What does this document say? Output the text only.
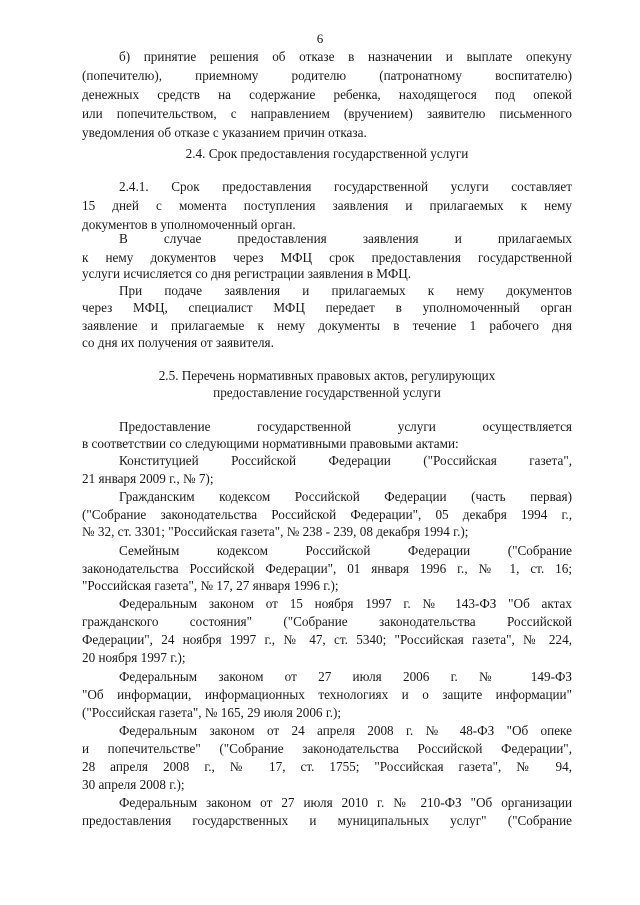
6
б) принятие решения об отказе в назначении и выплате опекуну
(попечителю), приемному родителю (патронатному воспитателю)
денежных средств на содержание ребенка, находящегося под опекой
или попечительством, с направлением (вручением) заявителю письменного
уведомления об отказе с указанием причин отказа.
2.4. Срок предоставления государственной услуги
2.4.1. Срок предоставления государственной услуги составляет
15 дней с момента поступления заявления и прилагаемых к нему
документов в уполномоченный орган.
В случае предоставления заявления и прилагаемых
к нему документов через МФЦ срок предоставления государственной
услуги исчисляется со дня регистрации заявления в МФЦ.
При подаче заявления и прилагаемых к нему документов
через МФЦ, специалист МФЦ передает в уполномоченный орган
заявление и прилагаемые к нему документы в течение 1 рабочего дня
со дня их получения от заявителя.
2.5. Перечень нормативных правовых актов, регулирующих
предоставление государственной услуги
Предоставление государственной услуги осуществляется
в соответствии со следующими нормативными правовыми актами:
Конституцией Российской Федерации ("Российская газета",
21 января 2009 г., № 7);
Гражданским кодексом Российской Федерации (часть первая)
("Собрание законодательства Российской Федерации", 05 декабря 1994 г.,
№ 32, ст. 3301; "Российская газета", № 238 - 239, 08 декабря 1994 г.);
Семейным кодексом Российской Федерации ("Собрание
законодательства Российской Федерации", 01 января 1996 г., № 1, ст. 16;
"Российская газета", № 17, 27 января 1996 г.);
Федеральным законом от 15 ноября 1997 г. № 143-ФЗ "Об актах
гражданского состояния" ("Собрание законодательства Российской
Федерации", 24 ноября 1997 г., № 47, ст. 5340; "Российская газета", № 224,
20 ноября 1997 г.);
Федеральным законом от 27 июля 2006 г. № 149-ФЗ
"Об информации, информационных технологиях и о защите информации"
("Российская газета", № 165, 29 июля 2006 г.);
Федеральным законом от 24 апреля 2008 г. № 48-ФЗ "Об опеке
и попечительстве" ("Собрание законодательства Российской Федерации",
28 апреля 2008 г., № 17, ст. 1755; "Российская газета", № 94,
30 апреля 2008 г.);
Федеральным законом от 27 июля 2010 г. № 210-ФЗ "Об организации
предоставления государственных и муниципальных услуг" ("Собрание
